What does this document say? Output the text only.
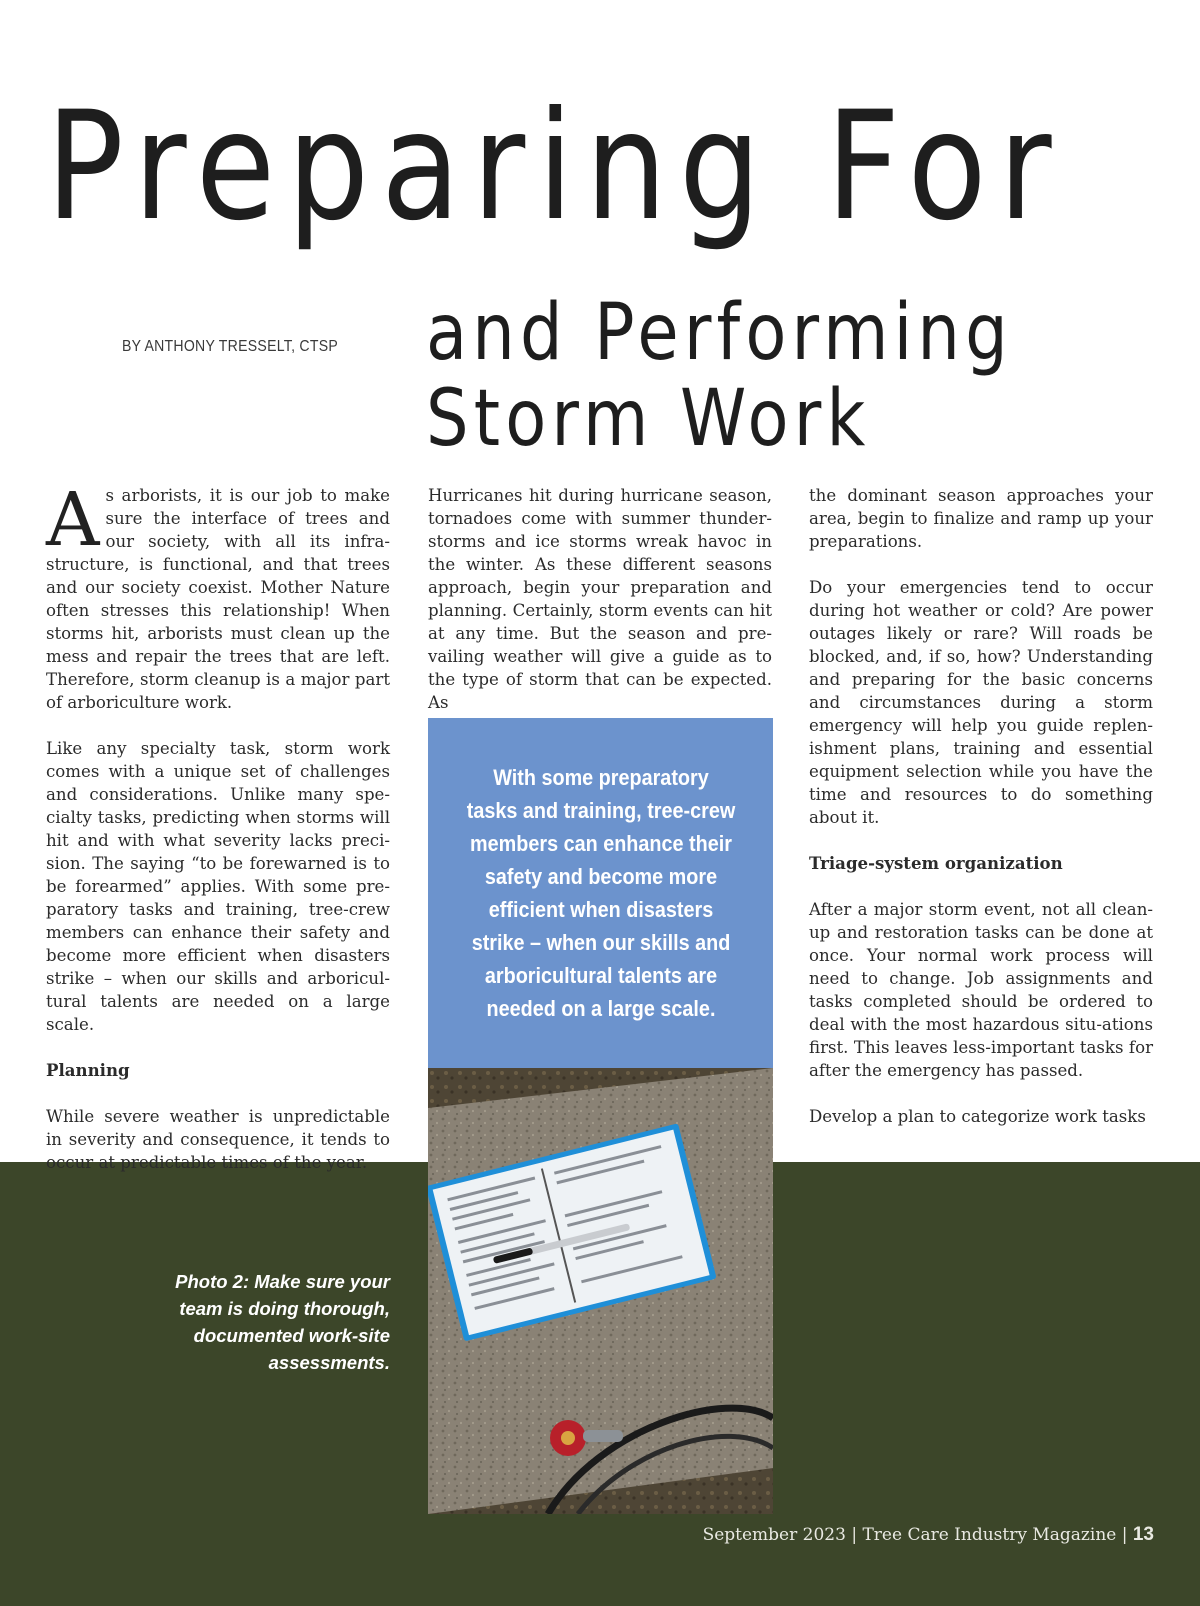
Preparing For
BY ANTHONY TRESSELT, CTSP and Performing
Storm Work

As arborists, it is our job to make sure the interface of trees and our society, with all its infra-structure, is functional, and that trees and our society coexist. Mother Nature often stresses this relationship! When storms hit, arborists must clean up the mess and repair the trees that are left. Therefore, storm cleanup is a major part of arboriculture work.

Like any specialty task, storm work comes with a unique set of challenges and considerations. Unlike many spe-cialty tasks, predicting when storms will hit and with what severity lacks preci-sion. The saying “to be forewarned is to be forearmed” applies. With some pre-paratory tasks and training, tree-crew members can enhance their safety and become more efficient when disasters strike – when our skills and arboricul-tural talents are needed on a large scale.

Planning

While severe weather is unpredictable in severity and consequence, it tends to occur at predictable times of the year.

Hurricanes hit during hurricane season, tornadoes come with summer thunder-storms and ice storms wreak havoc in the winter. As these different seasons approach, begin your preparation and planning. Certainly, storm events can hit at any time. But the season and pre-vailing weather will give a guide as to the type of storm that can be expected. As

With some preparatory tasks and training, tree-crew members can enhance their safety and become more efficient when disasters strike – when our skills and arboricultural talents are needed on a large scale.

the dominant season approaches your area, begin to finalize and ramp up your preparations.

Do your emergencies tend to occur during hot weather or cold? Are power outages likely or rare? Will roads be blocked, and, if so, how? Understanding and preparing for the basic concerns and circumstances during a storm emergency will help you guide replen-ishment plans, training and essential equipment selection while you have the time and resources to do something about it.

Triage-system organization

After a major storm event, not all clean-up and restoration tasks can be done at once. Your normal work process will need to change. Job assignments and tasks completed should be ordered to deal with the most hazardous situ-ations first. This leaves less-important tasks for after the emergency has passed.

Develop a plan to categorize work tasks

Photo 2: Make sure your team is doing thorough, documented work-site assessments.
September 2023 | Tree Care Industry Magazine | 13
